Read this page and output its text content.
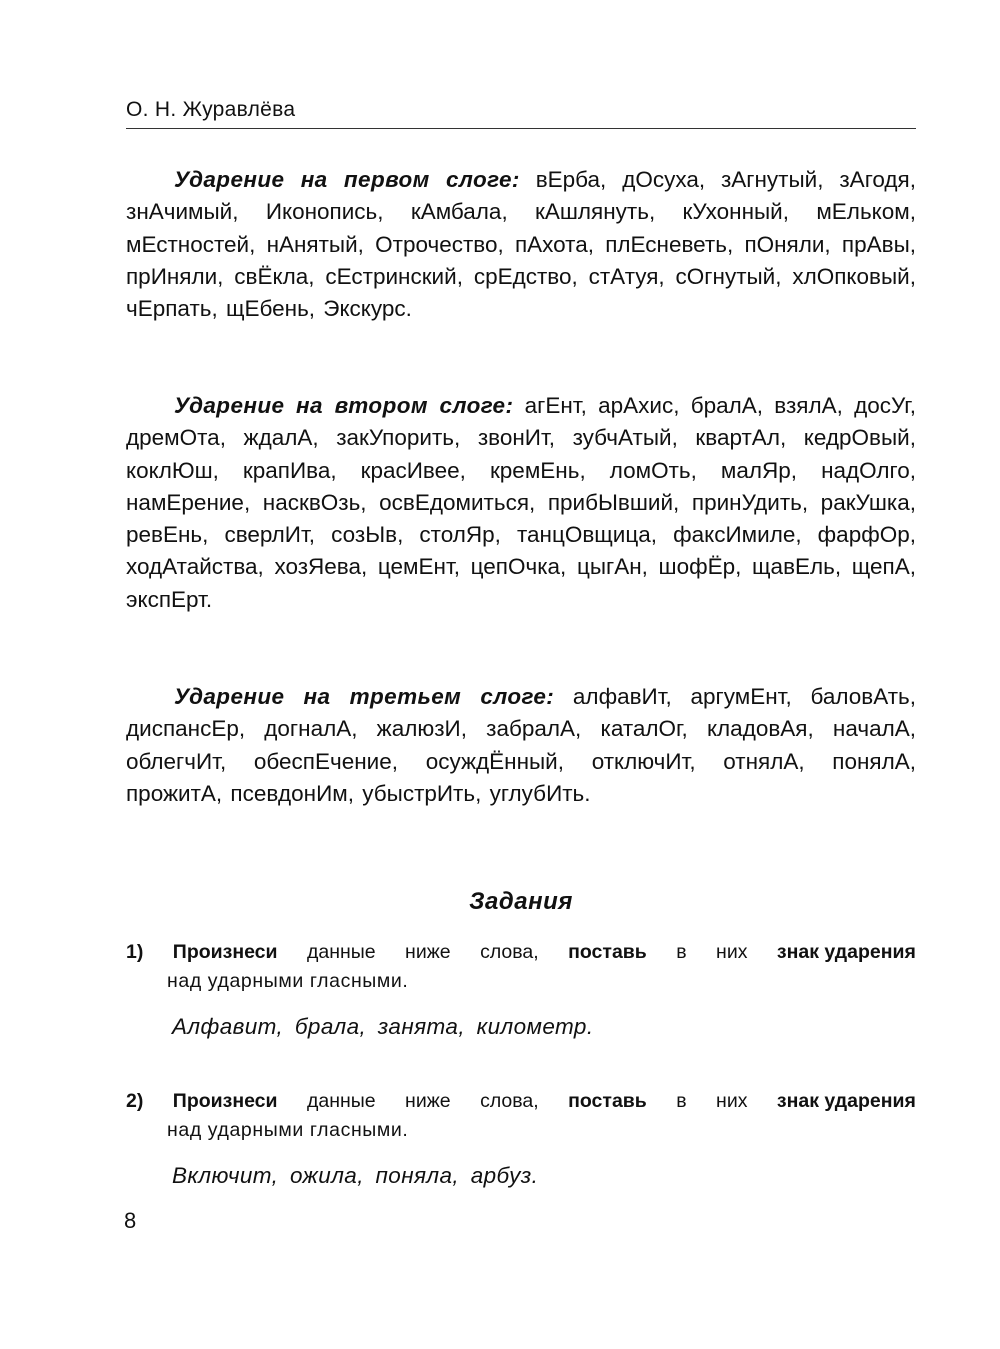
О. Н. Журавлёва
Ударение на первом слоге: вЕрба, дОсуха, зАгнутый, зАгодя, знАчимый, Иконопись, кАмбала, кАшлянуть, кУхонный, мЕльком, мЕстностей, нАнятый, Отрочество, пАхота, плЕсневеть, пОняли, прАвы, прИняли, свЁкла, сЕстринский, срЕдство, стАтуя, сОгнутый, хлОпковый, чЕрпать, щЕбень, Экскурс.
Ударение на втором слоге: агЕнт, арАхис, бралА, взялА, досУг, дремОта, ждалА, закУпорить, звонИт, зубчАтый, квартАл, кедрОвый, коклЮш, крапИва, красИвее, кремЕнь, ломОть, малЯр, надОлго, намЕрение, насквОзь, освЕдомиться, прибЫвший, принУдить, ракУшка, ревЕнь, сверлИт, созЫв, столЯр, танцОвщица, факсИмиле, фарфОр, ходАтайства, хозЯева, цемЕнт, цепОчка, цыгАн, шофЁр, щавЕль, щепА, экспЕрт.
Ударение на третьем слоге: алфавИт, аргумЕнт, баловАть, диспансЕр, догналА, жалюзИ, забралА, каталОг, кладовАя, началА, облегчИт, обеспЕчение, осуждЁнный, отключИт, отнялА, понялА, прожитА, псевдонИм, убыстрИть, углубИть.
Задания
1) Произнеси данные ниже слова, поставь в них знак ударения
над ударными гласными.
Алфавит, брала, занята, километр.
2) Произнеси данные ниже слова, поставь в них знак ударения
над ударными гласными.
Включит, ожила, поняла, арбуз.
8
